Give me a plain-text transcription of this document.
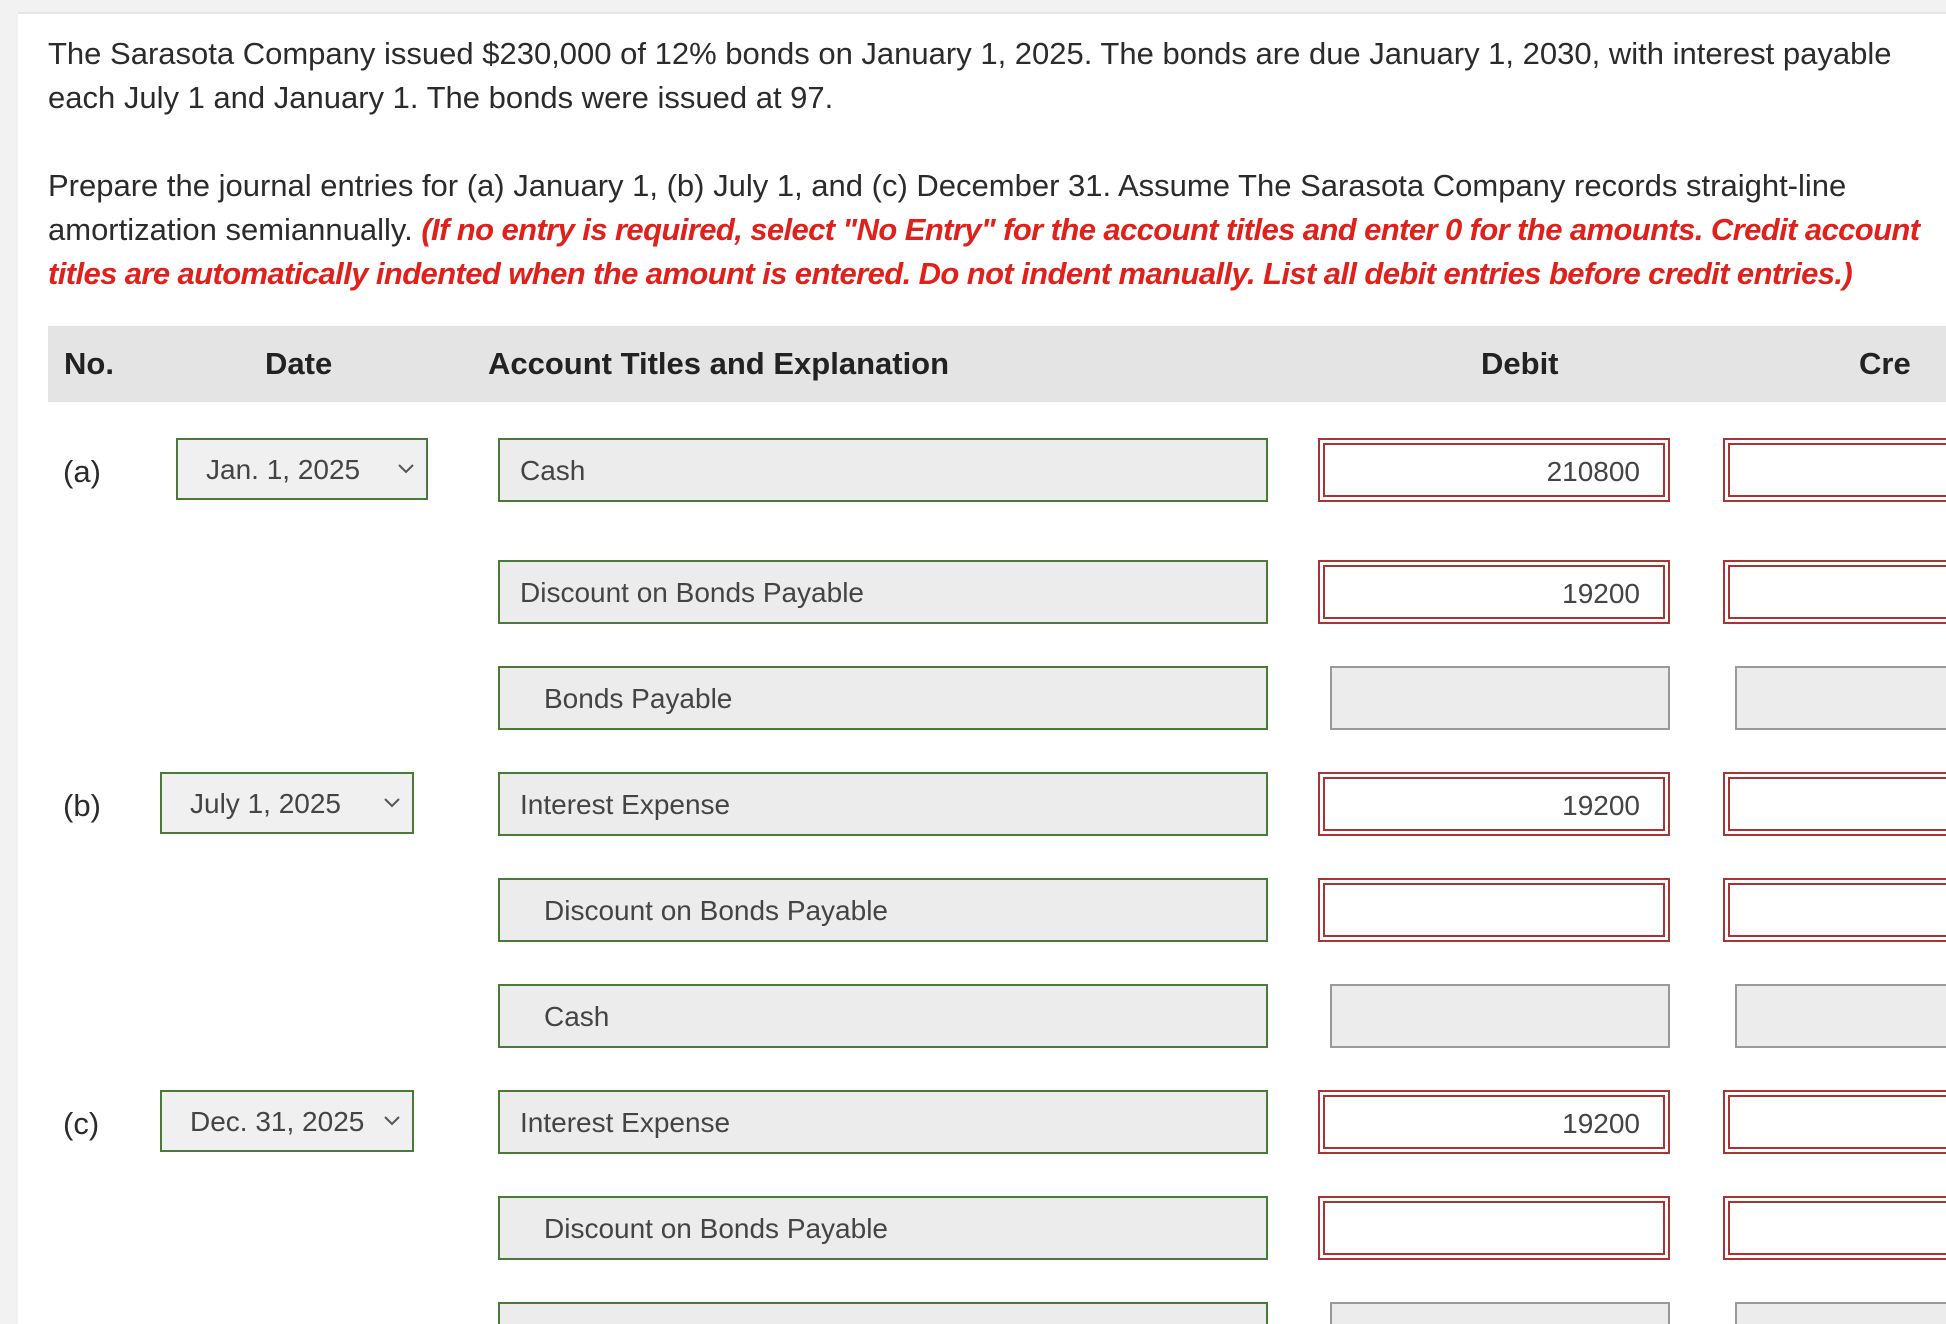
The Sarasota Company issued $230,000 of 12% bonds on January 1, 2025. The bonds are due January 1, 2030, with interest payable each July 1 and January 1. The bonds were issued at 97.
Prepare the journal entries for (a) January 1, (b) July 1, and (c) December 31. Assume The Sarasota Company records straight-line amortization semiannually. (If no entry is required, select "No Entry" for the account titles and enter 0 for the amounts. Credit account titles are automatically indented when the amount is entered. Do not indent manually. List all debit entries before credit entries.)
No.	Date	Account Titles and Explanation	Debit	Cre
(a)	Jan. 1, 2025	Cash	210800
Discount on Bonds Payable	19200
Bonds Payable
(b)	July 1, 2025	Interest Expense	19200
Discount on Bonds Payable
Cash
(c)	Dec. 31, 2025	Interest Expense	19200
Discount on Bonds Payable
